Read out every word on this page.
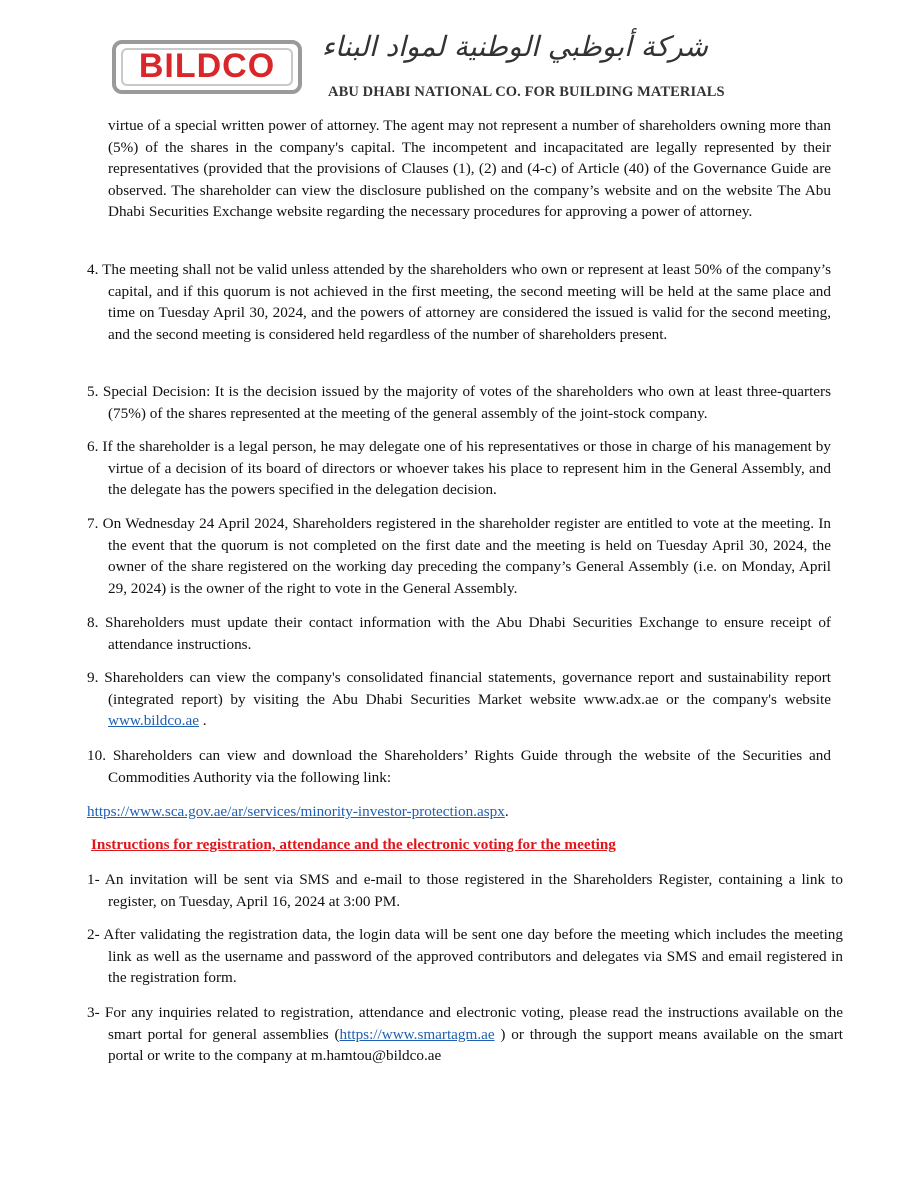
BILDCO
شركة أبوظبي الوطنية لمواد البناء
ABU DHABI NATIONAL CO. FOR BUILDING MATERIALS
virtue of a special written power of attorney. The agent may not represent a number of shareholders owning more than (5%) of the shares in the company's capital. The incompetent and incapacitated are legally represented by their representatives (provided that the provisions of Clauses (1), (2) and (4-c) of Article (40) of the Governance Guide are observed. The shareholder can view the disclosure published on the company’s website and on the website The Abu Dhabi Securities Exchange website regarding the necessary procedures for approving a power of attorney.
4. The meeting shall not be valid unless attended by the shareholders who own or represent at least 50% of the company’s capital, and if this quorum is not achieved in the first meeting, the second meeting will be held at the same place and time on Tuesday April 30, 2024, and the powers of attorney are considered the issued is valid for the second meeting, and the second meeting is considered held regardless of the number of shareholders present.
5. Special Decision: It is the decision issued by the majority of votes of the shareholders who own at least three-quarters (75%) of the shares represented at the meeting of the general assembly of the joint-stock company.
6. If the shareholder is a legal person, he may delegate one of his representatives or those in charge of his management by virtue of a decision of its board of directors or whoever takes his place to represent him in the General Assembly, and the delegate has the powers specified in the delegation decision.
7. On Wednesday 24 April 2024, Shareholders registered in the shareholder register are entitled to vote at the meeting. In the event that the quorum is not completed on the first date and the meeting is held on Tuesday April 30, 2024, the owner of the share registered on the working day preceding the company’s General Assembly (i.e. on Monday, April 29, 2024) is the owner of the right to vote in the General Assembly.
8. Shareholders must update their contact information with the Abu Dhabi Securities Exchange to ensure receipt of attendance instructions.
9. Shareholders can view the company's consolidated financial statements, governance report and sustainability report (integrated report) by visiting the Abu Dhabi Securities Market website www.adx.ae or the company's website www.bildco.ae .
10. Shareholders can view and download the Shareholders’ Rights Guide through the website of the Securities and Commodities Authority via the following link:
https://www.sca.gov.ae/ar/services/minority-investor-protection.aspx.
Instructions for registration, attendance and the electronic voting for the meeting
1- An invitation will be sent via SMS and e-mail to those registered in the Shareholders Register, containing a link to register, on Tuesday, April 16, 2024 at 3:00 PM.
2- After validating the registration data, the login data will be sent one day before the meeting which includes the meeting link as well as the username and password of the approved contributors and delegates via SMS and email registered in the registration form.
3- For any inquiries related to registration, attendance and electronic voting, please read the instructions available on the smart portal for general assemblies (https://www.smartagm.ae ) or through the support means available on the smart portal or write to the company at m.hamtou@bildco.ae
